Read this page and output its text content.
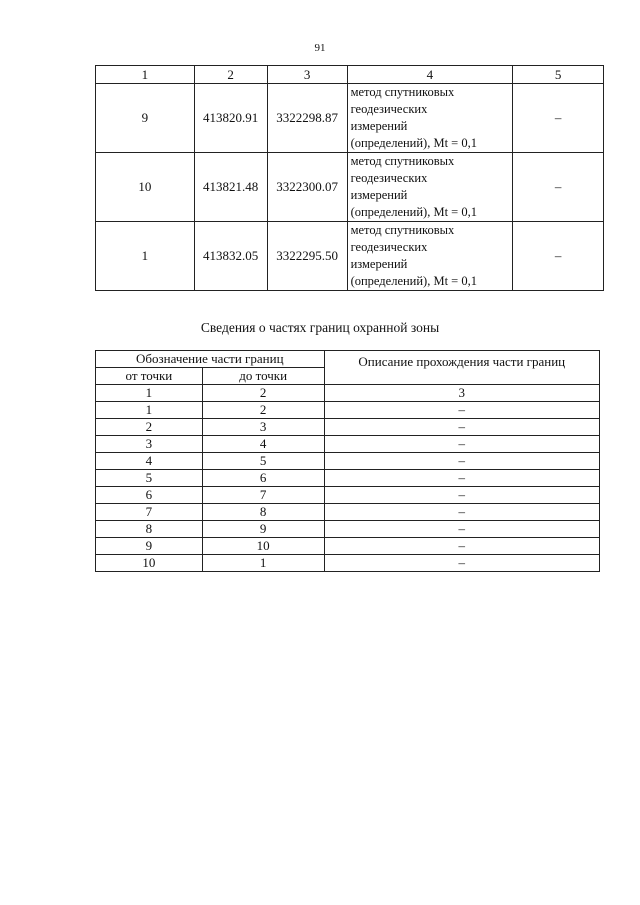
91
1	2	3	4	5
9	413820.91	3322298.87	метод спутниковых
геодезических
измерений
(определений), Mt = 0,1	–
10	413821.48	3322300.07	метод спутниковых
геодезических
измерений
(определений), Mt = 0,1	–
1	413832.05	3322295.50	метод спутниковых
геодезических
измерений
(определений), Mt = 0,1	–
Сведения о частях границ охранной зоны
Обозначение части границ		Описание прохождения части границ
от точки	до точки	
1	2	3
1	2	–
2	3	–
3	4	–
4	5	–
5	6	–
6	7	–
7	8	–
8	9	–
9	10	–
10	1	–
